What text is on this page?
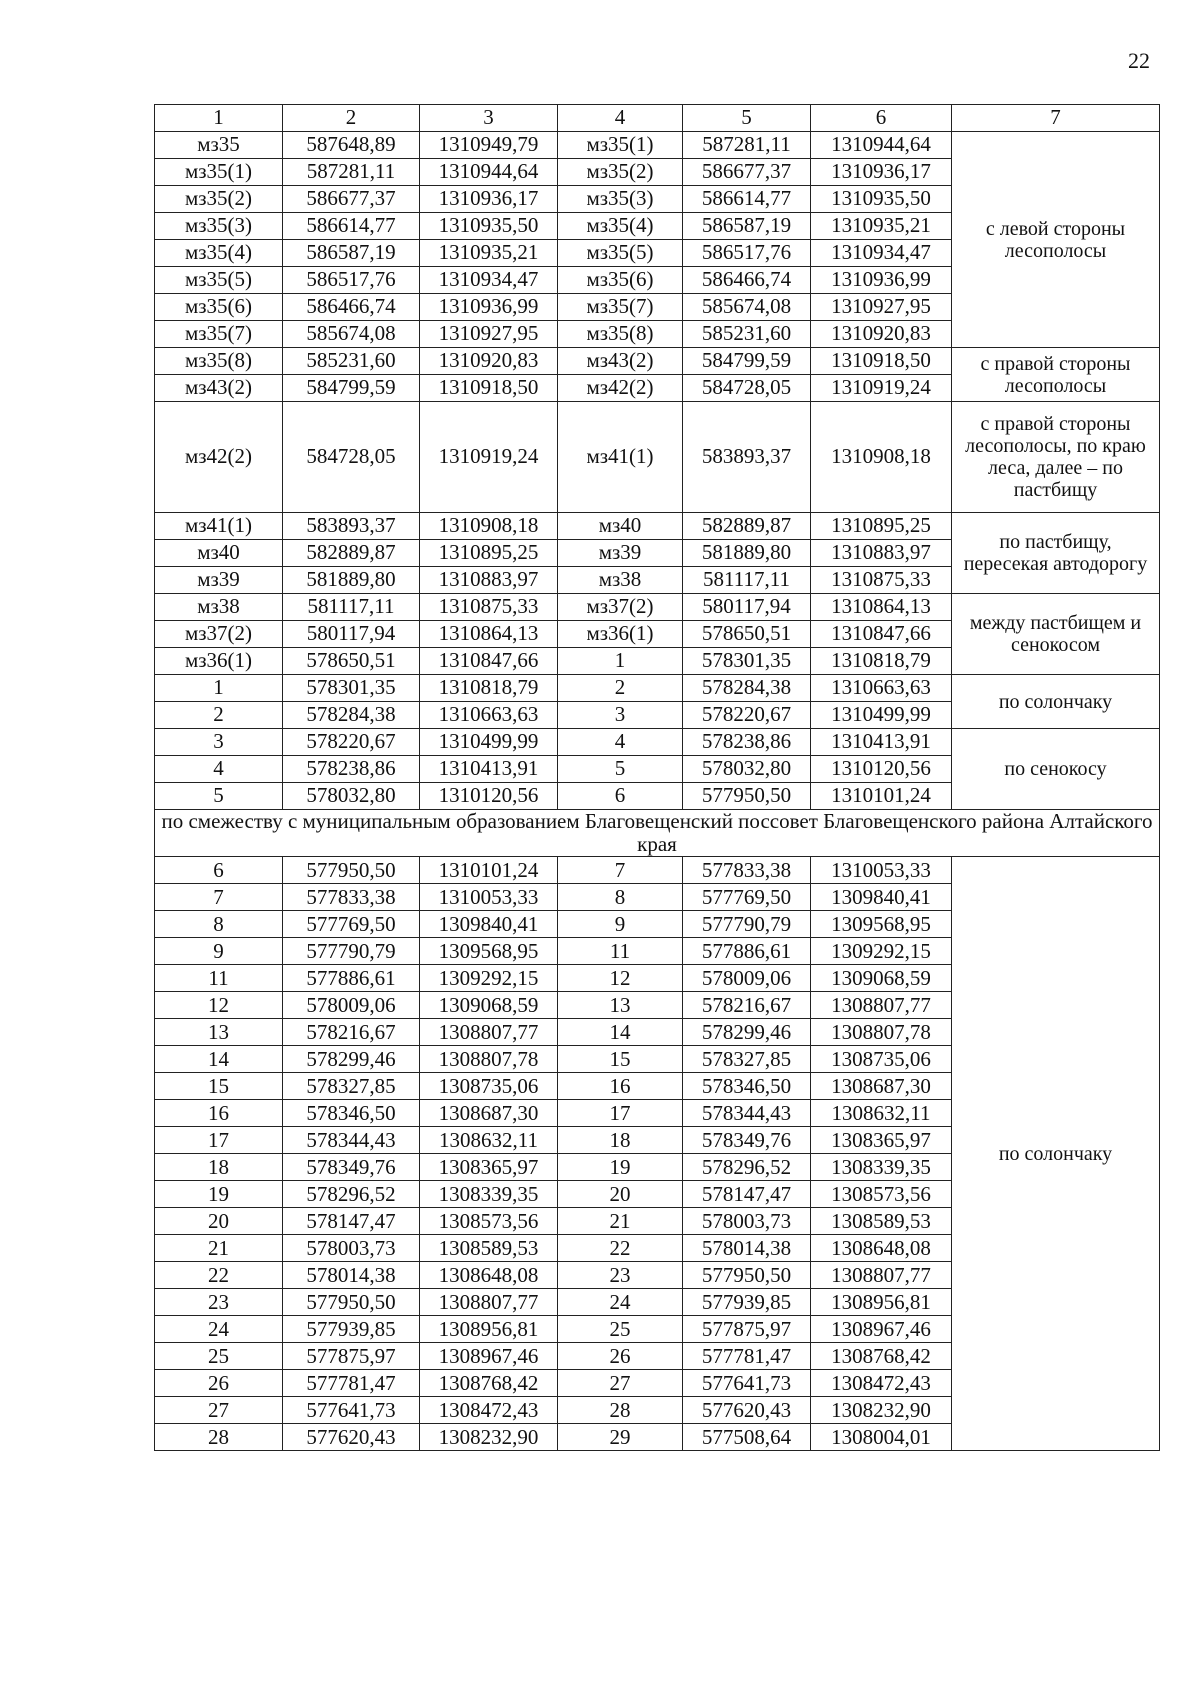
22
1	2	3	4	5	6	7
мз35	587648,89	1310949,79	мз35(1)	587281,11	1310944,64	с левой стороны лесополосы
мз35(1)	587281,11	1310944,64	мз35(2)	586677,37	1310936,17	
мз35(2)	586677,37	1310936,17	мз35(3)	586614,77	1310935,50	
мз35(3)	586614,77	1310935,50	мз35(4)	586587,19	1310935,21	
мз35(4)	586587,19	1310935,21	мз35(5)	586517,76	1310934,47	
мз35(5)	586517,76	1310934,47	мз35(6)	586466,74	1310936,99	
мз35(6)	586466,74	1310936,99	мз35(7)	585674,08	1310927,95	
мз35(7)	585674,08	1310927,95	мз35(8)	585231,60	1310920,83	
мз35(8)	585231,60	1310920,83	мз43(2)	584799,59	1310918,50	с правой стороны лесополосы
мз43(2)	584799,59	1310918,50	мз42(2)	584728,05	1310919,24	
мз42(2)	584728,05	1310919,24	мз41(1)	583893,37	1310908,18	с правой стороны лесополосы, по краю леса, далее – по пастбищу
мз41(1)	583893,37	1310908,18	мз40	582889,87	1310895,25	по пастбищу, пересекая автодорогу
мз40	582889,87	1310895,25	мз39	581889,80	1310883,97	
мз39	581889,80	1310883,97	мз38	581117,11	1310875,33	
мз38	581117,11	1310875,33	мз37(2)	580117,94	1310864,13	между пастбищем и сенокосом
мз37(2)	580117,94	1310864,13	мз36(1)	578650,51	1310847,66	
мз36(1)	578650,51	1310847,66	1	578301,35	1310818,79	
1	578301,35	1310818,79	2	578284,38	1310663,63	по солончаку
2	578284,38	1310663,63	3	578220,67	1310499,99	
3	578220,67	1310499,99	4	578238,86	1310413,91	по сенокосу
4	578238,86	1310413,91	5	578032,80	1310120,56	
5	578032,80	1310120,56	6	577950,50	1310101,24	
по смежеству с муниципальным образованием Благовещенский поссовет Благовещенского района Алтайского края						
6	577950,50	1310101,24	7	577833,38	1310053,33	по солончаку
7	577833,38	1310053,33	8	577769,50	1309840,41	
8	577769,50	1309840,41	9	577790,79	1309568,95	
9	577790,79	1309568,95	11	577886,61	1309292,15	
11	577886,61	1309292,15	12	578009,06	1309068,59	
12	578009,06	1309068,59	13	578216,67	1308807,77	
13	578216,67	1308807,77	14	578299,46	1308807,78	
14	578299,46	1308807,78	15	578327,85	1308735,06	
15	578327,85	1308735,06	16	578346,50	1308687,30	
16	578346,50	1308687,30	17	578344,43	1308632,11	
17	578344,43	1308632,11	18	578349,76	1308365,97	
18	578349,76	1308365,97	19	578296,52	1308339,35	
19	578296,52	1308339,35	20	578147,47	1308573,56	
20	578147,47	1308573,56	21	578003,73	1308589,53	
21	578003,73	1308589,53	22	578014,38	1308648,08	
22	578014,38	1308648,08	23	577950,50	1308807,77	
23	577950,50	1308807,77	24	577939,85	1308956,81	
24	577939,85	1308956,81	25	577875,97	1308967,46	
25	577875,97	1308967,46	26	577781,47	1308768,42	
26	577781,47	1308768,42	27	577641,73	1308472,43	
27	577641,73	1308472,43	28	577620,43	1308232,90	
28	577620,43	1308232,90	29	577508,64	1308004,01	
